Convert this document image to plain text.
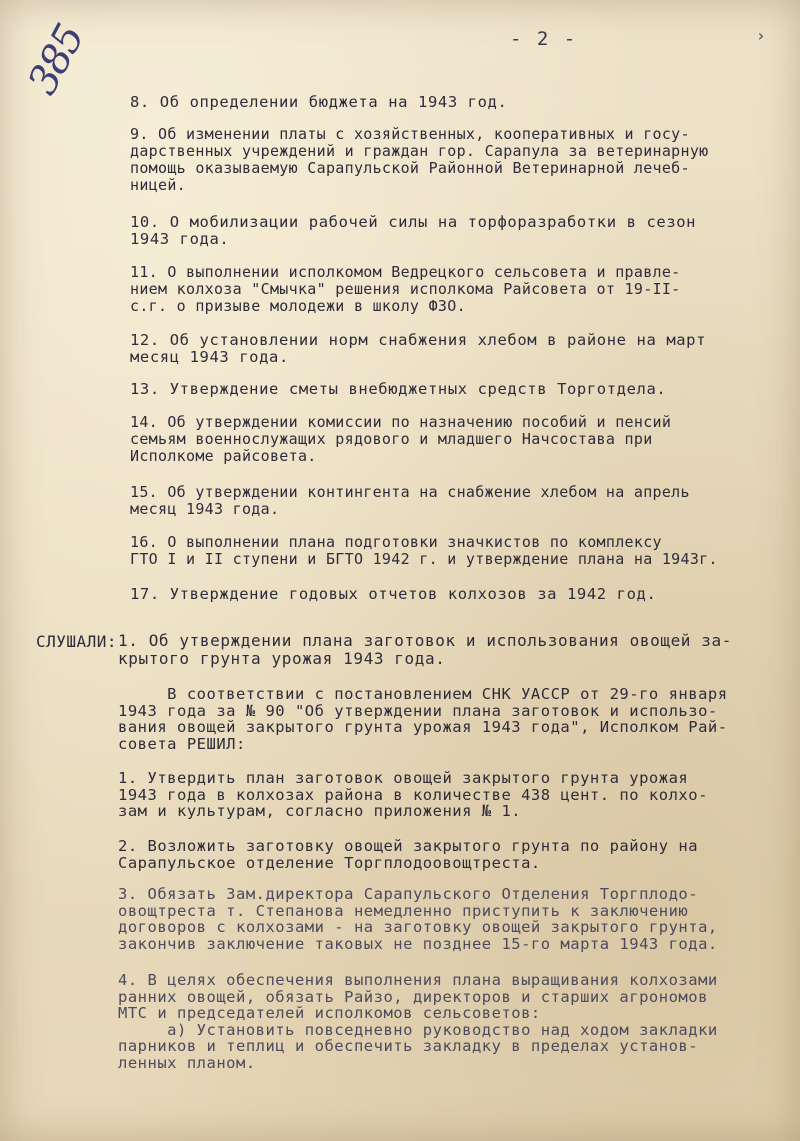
- 2 -	›
385
8. Об определении бюджета на 1943 год.
9. Об изменении платы с хозяйственных, кооперативных и госу-
дарственных учреждений и граждан гор. Сарапула за ветеринарную
помощь оказываемую Сарапульской Районной Ветеринарной лечеб-
ницей.
10. О мобилизации рабочей силы на торфоразработки в сезон
1943 года.
11. О выполнении исполкомом Ведрецкого сельсовета и правле-
нием колхоза "Смычка" решения исполкома Райсовета от 19-II-
с.г. о призыве молодежи в школу ФЗО.
12. Об установлении норм снабжения хлебом в районе на март
месяц 1943 года.
13. Утверждение сметы внебюджетных средств Торготдела.
14. Об утверждении комиссии по назначению пособий и пенсий
семьям военнослужащих рядового и младшего Начсостава при
Исполкоме райсовета.
15. Об утверждении контингента на снабжение хлебом на апрель
месяц 1943 года.
16. О выполнении плана подготовки значкистов по комплексу
ГТО I и II ступени и БГТО 1942 г. и утверждение плана на 1943г.
17. Утверждение годовых отчетов колхозов за 1942 год.
СЛУШАЛИ: 1. Об утверждении плана заготовок и использования овощей за-
крытого грунта урожая 1943 года.
В соответствии с постановлением СНК УАССР от 29-го января
1943 года за № 90 "Об утверждении плана заготовок и использо-
вания овощей закрытого грунта урожая 1943 года", Исполком Рай-
совета РЕШИЛ:
1. Утвердить план заготовок овощей закрытого грунта урожая
1943 года в колхозах района в количестве 438 цент. по колхо-
зам и культурам, согласно приложения № 1.
2. Возложить заготовку овощей закрытого грунта по району на
Сарапульское отделение Торгплодоовощтреста.
3. Обязать Зам.директора Сарапульского Отделения Торгплодо-
овощтреста т. Степанова немедленно приступить к заключению
договоров с колхозами - на заготовку овощей закрытого грунта,
закончив заключение таковых не позднее 15-го марта 1943 года.
4. В целях обеспечения выполнения плана выращивания колхозами
ранних овощей, обязать Райзо, директоров и старших агрономов
МТС и председателей исполкомов сельсоветов:
а) Установить повседневно руководство над ходом закладки
парников и теплиц и обеспечить закладку в пределах установ-
ленных планом.
